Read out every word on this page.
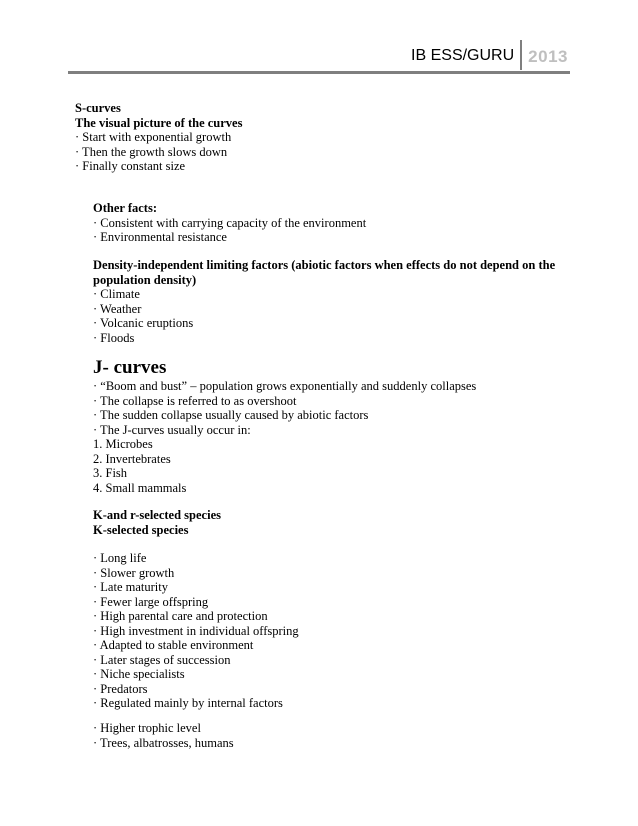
IB ESS/GURU 2013
S-curves
The visual picture of the curves
· Start with exponential growth
· Then the growth slows down
· Finally constant size
Other facts:
· Consistent with carrying capacity of the environment
· Environmental resistance
Density-independent limiting factors (abiotic factors when effects do not depend on the
population density)
· Climate
· Weather
· Volcanic eruptions
· Floods
J- curves
· “Boom and bust” – population grows exponentially and suddenly collapses
· The collapse is referred to as overshoot
· The sudden collapse usually caused by abiotic factors
· The J-curves usually occur in:
1. Microbes
2. Invertebrates
3. Fish
4. Small mammals
K-and r-selected species
K-selected species
· Long life
· Slower growth
· Late maturity
· Fewer large offspring
· High parental care and protection
· High investment in individual offspring
· Adapted to stable environment
· Later stages of succession
· Niche specialists
· Predators
· Regulated mainly by internal factors
· Higher trophic level
· Trees, albatrosses, humans
